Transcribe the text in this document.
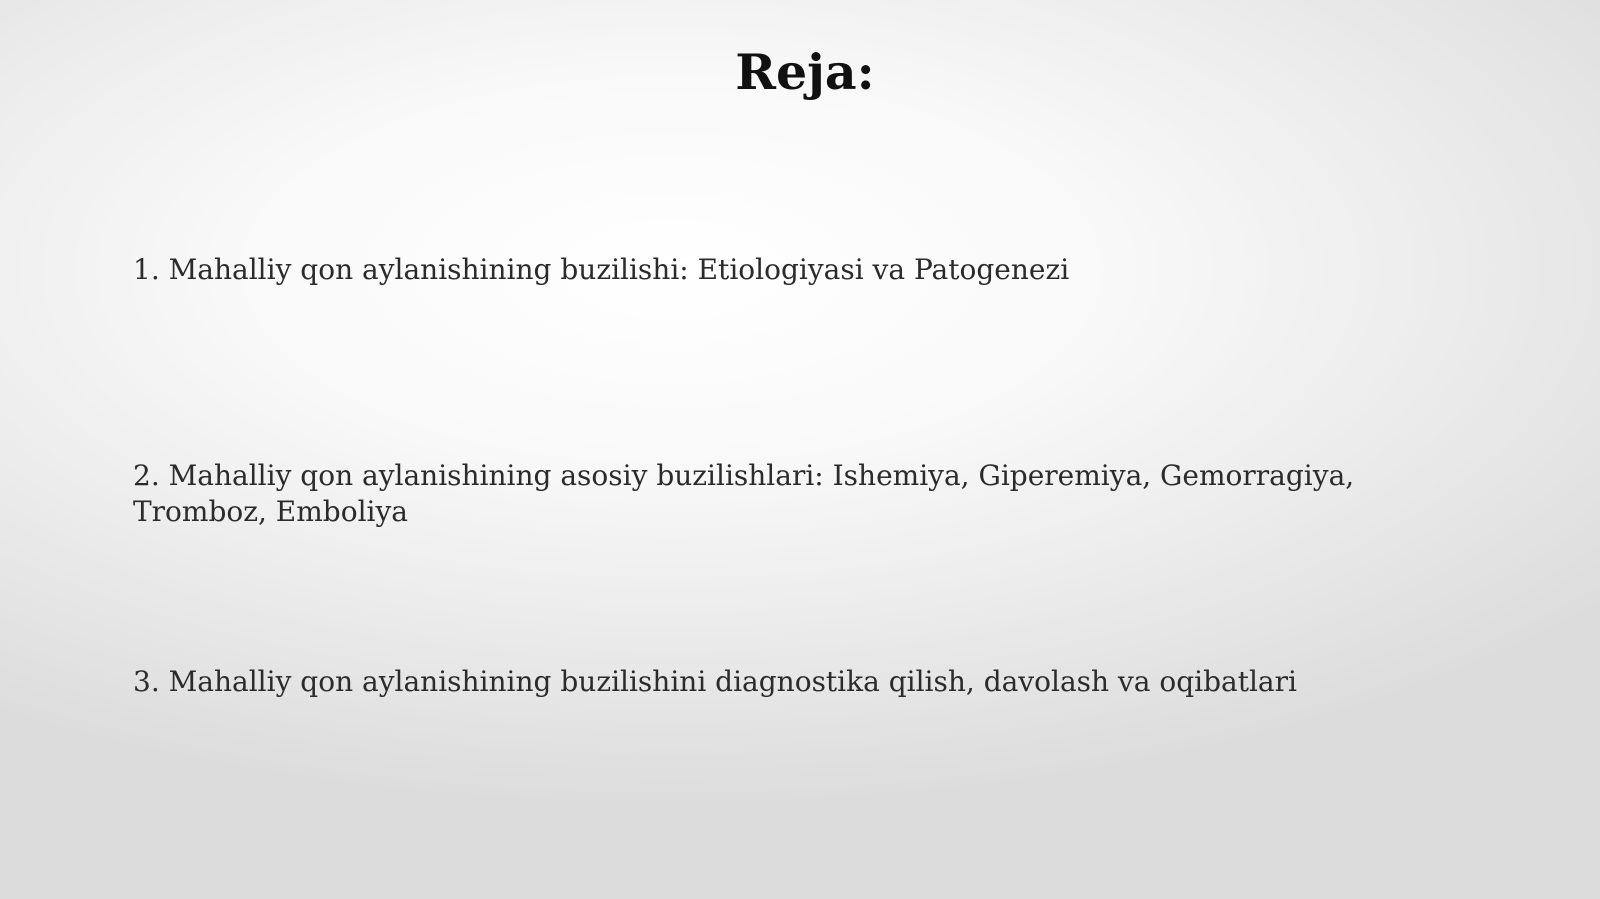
Reja:

1. Mahalliy qon aylanishining buzilishi: Etiologiyasi va Patogenezi

2. Mahalliy qon aylanishining asosiy buzilishlari: Ishemiya, Giperemiya, Gemorragiya, Tromboz, Emboliya

3. Mahalliy qon aylanishining buzilishini diagnostika qilish, davolash va oqibatlari
